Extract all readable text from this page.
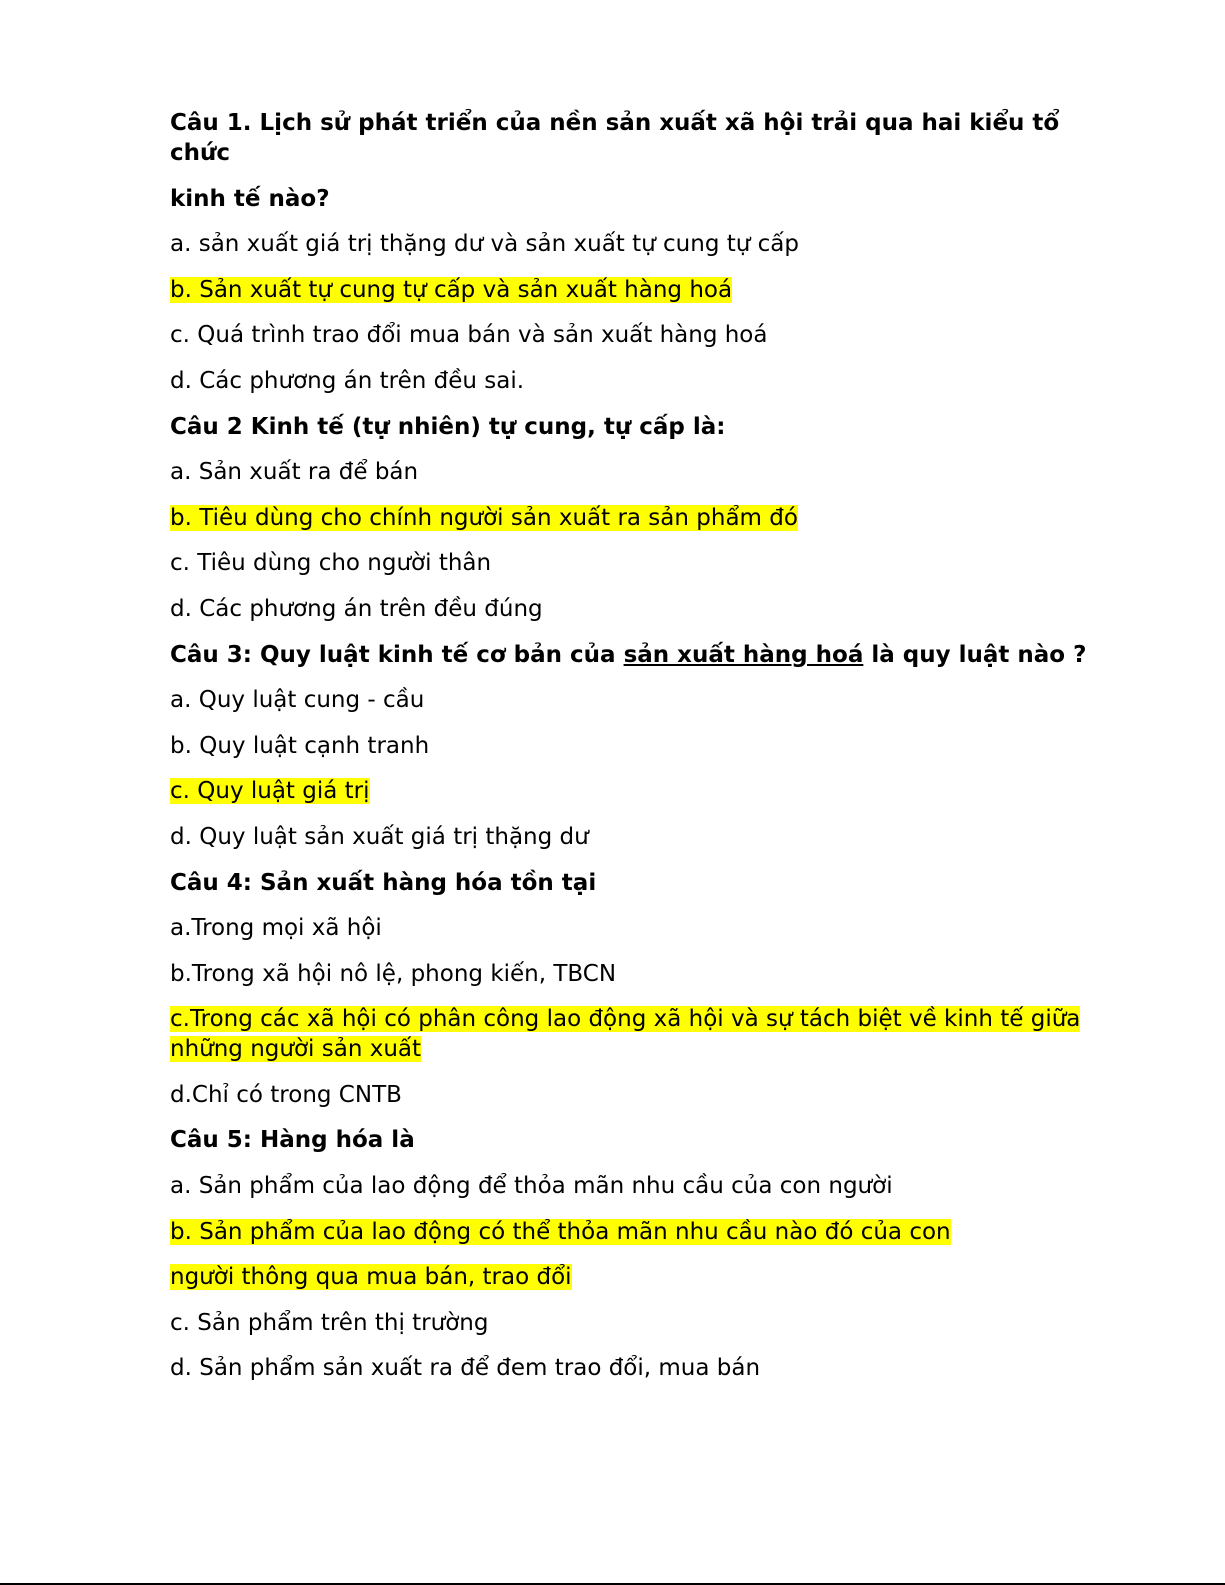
Câu 1. Lịch sử phát triển của nền sản xuất xã hội trải qua hai kiểu tổ chức
kinh tế nào?
a. sản xuất giá trị thặng dư và sản xuất tự cung tự cấp
b. Sản xuất tự cung tự cấp và sản xuất hàng hoá
c. Quá trình trao đổi mua bán và sản xuất hàng hoá
d. Các phương án trên đều sai.
Câu 2 Kinh tế (tự nhiên) tự cung, tự cấp là:
a. Sản xuất ra để bán
b. Tiêu dùng cho chính người sản xuất ra sản phẩm đó
c. Tiêu dùng cho người thân
d. Các phương án trên đều đúng
Câu 3: Quy luật kinh tế cơ bản của sản xuất hàng hoá là quy luật nào ?
a. Quy luật cung - cầu
b. Quy luật cạnh tranh
c. Quy luật giá trị
d. Quy luật sản xuất giá trị thặng dư
Câu 4: Sản xuất hàng hóa tồn tại
a.Trong mọi xã hội
b.Trong xã hội nô lệ, phong kiến, TBCN
c.Trong các xã hội có phân công lao động xã hội và sự tách biệt về kinh tế giữa những người sản xuất
d.Chỉ có trong CNTB
Câu 5: Hàng hóa là
a. Sản phẩm của lao động để thỏa mãn nhu cầu của con người
b. Sản phẩm của lao động có thể thỏa mãn nhu cầu nào đó của con
người thông qua mua bán, trao đổi
c. Sản phẩm trên thị trường
d. Sản phẩm sản xuất ra để đem trao đổi, mua bán
